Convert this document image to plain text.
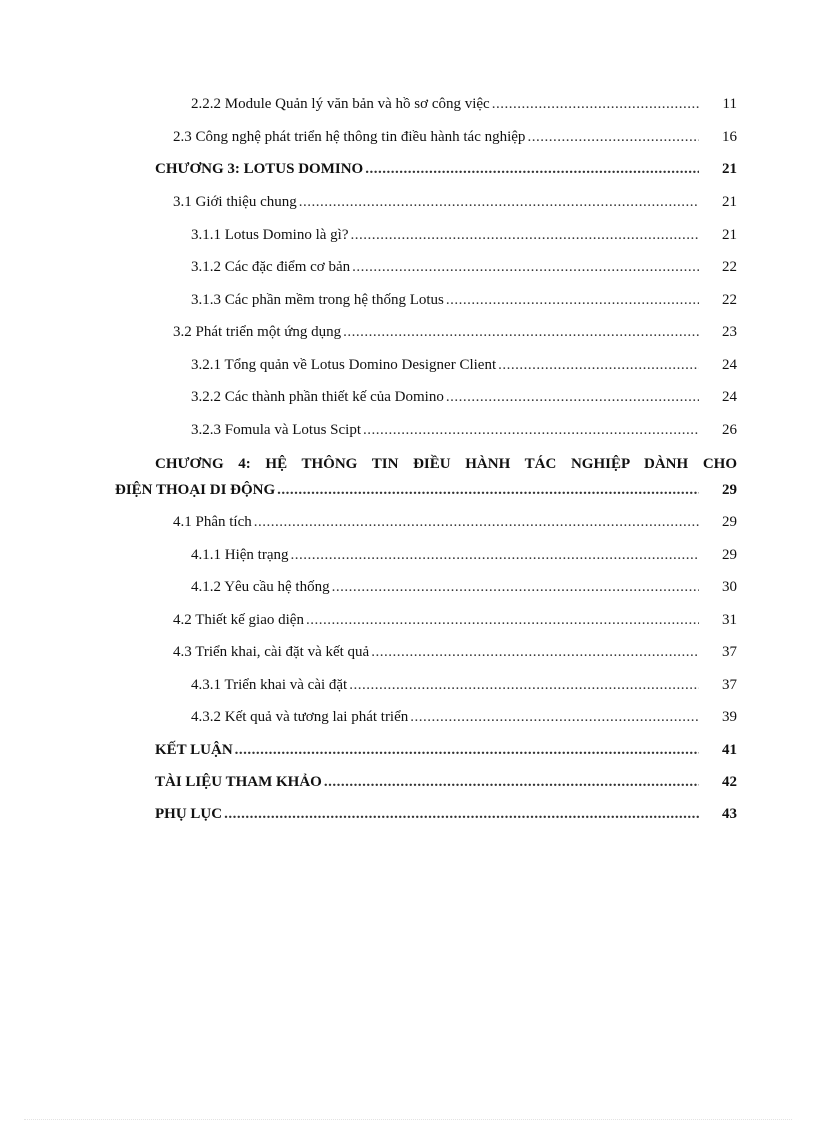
2.2.2 Module Quản lý văn bản và hồ sơ công việc .....	11
2.3 Công nghệ phát triển hệ thông tin điều hành tác nghiệp .....	16
CHƯƠNG 3: LOTUS DOMINO .....	21
3.1 Giới thiệu chung .....	21
3.1.1 Lotus Domino là gì? .....	21
3.1.2 Các đặc điểm cơ bản .....	22
3.1.3 Các phần mềm trong hệ thống Lotus .....	22
3.2 Phát triển một ứng dụng .....	23
3.2.1 Tổng quản về Lotus Domino Designer Client .....	24
3.2.2 Các thành phần thiết kế của Domino .....	24
3.2.3 Fomula và Lotus Scipt .....	26
CHƯƠNG 4: HỆ THÔNG TIN ĐIỀU HÀNH TÁC NGHIỆP DÀNH CHO
ĐIỆN THOẠI DI ĐỘNG .....	29
4.1 Phân tích .....	29
4.1.1 Hiện trạng .....	29
4.1.2 Yêu cầu hệ thống .....	30
4.2 Thiết kế giao diện .....	31
4.3 Triển khai, cài đặt và kết quả .....	37
4.3.1 Triển khai và cài đặt .....	37
4.3.2 Kết quả và tương lai phát triển .....	39
KẾT LUẬN .....	41
TÀI LIỆU THAM KHẢO .....	42
PHỤ LỤC .....	43
